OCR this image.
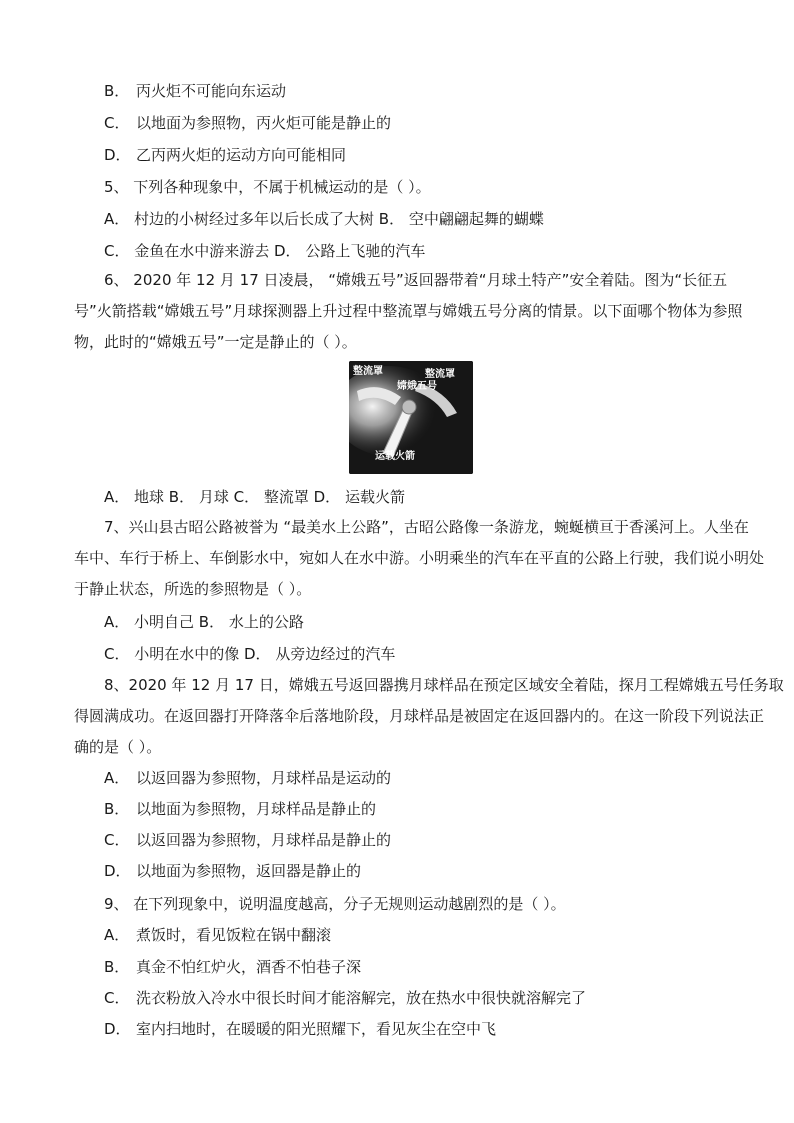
B． 丙火炬不可能向东运动
C． 以地面为参照物，丙火炬可能是静止的
D． 乙丙两火炬的运动方向可能相同
5、 下列各种现象中，不属于机械运动的是（ ）。
A． 村边的小树经过多年以后长成了大树 B． 空中翩翩起舞的蝴蝶
C． 金鱼在水中游来游去 D． 公路上飞驰的汽车
6、 2020 年 12 月 17 日凌晨， “嫦娥五号”返回器带着“月球土特产”安全着陆。图为“长征五
号”火箭搭载“嫦娥五号”月球探测器上升过程中整流罩与嫦娥五号分离的情景。以下面哪个物体为参照
物，此时的“嫦娥五号”一定是静止的（ ）。
整流罩	整流罩
嫦娥五号
运载火箭
A． 地球 B． 月球 C． 整流罩 D． 运载火箭
7、兴山县古昭公路被誉为 “最美水上公路”，古昭公路像一条游龙，蜿蜒横亘于香溪河上。人坐在
车中、车行于桥上、车倒影水中，宛如人在水中游。小明乘坐的汽车在平直的公路上行驶，我们说小明处
于静止状态，所选的参照物是（ ）。
A． 小明自己 B． 水上的公路
C． 小明在水中的像 D． 从旁边经过的汽车
8、2020 年 12 月 17 日，嫦娥五号返回器携月球样品在预定区域安全着陆，探月工程嫦娥五号任务取
得圆满成功。在返回器打开降落伞后落地阶段，月球样品是被固定在返回器内的。在这一阶段下列说法正
确的是（ ）。
A． 以返回器为参照物，月球样品是运动的
B． 以地面为参照物，月球样品是静止的
C． 以返回器为参照物，月球样品是静止的
D． 以地面为参照物，返回器是静止的
9、 在下列现象中，说明温度越高，分子无规则运动越剧烈的是（ ）。
A． 煮饭时，看见饭粒在锅中翻滚
B． 真金不怕红炉火，酒香不怕巷子深
C． 洗衣粉放入冷水中很长时间才能溶解完，放在热水中很快就溶解完了
D． 室内扫地时，在暖暖的阳光照耀下，看见灰尘在空中飞
